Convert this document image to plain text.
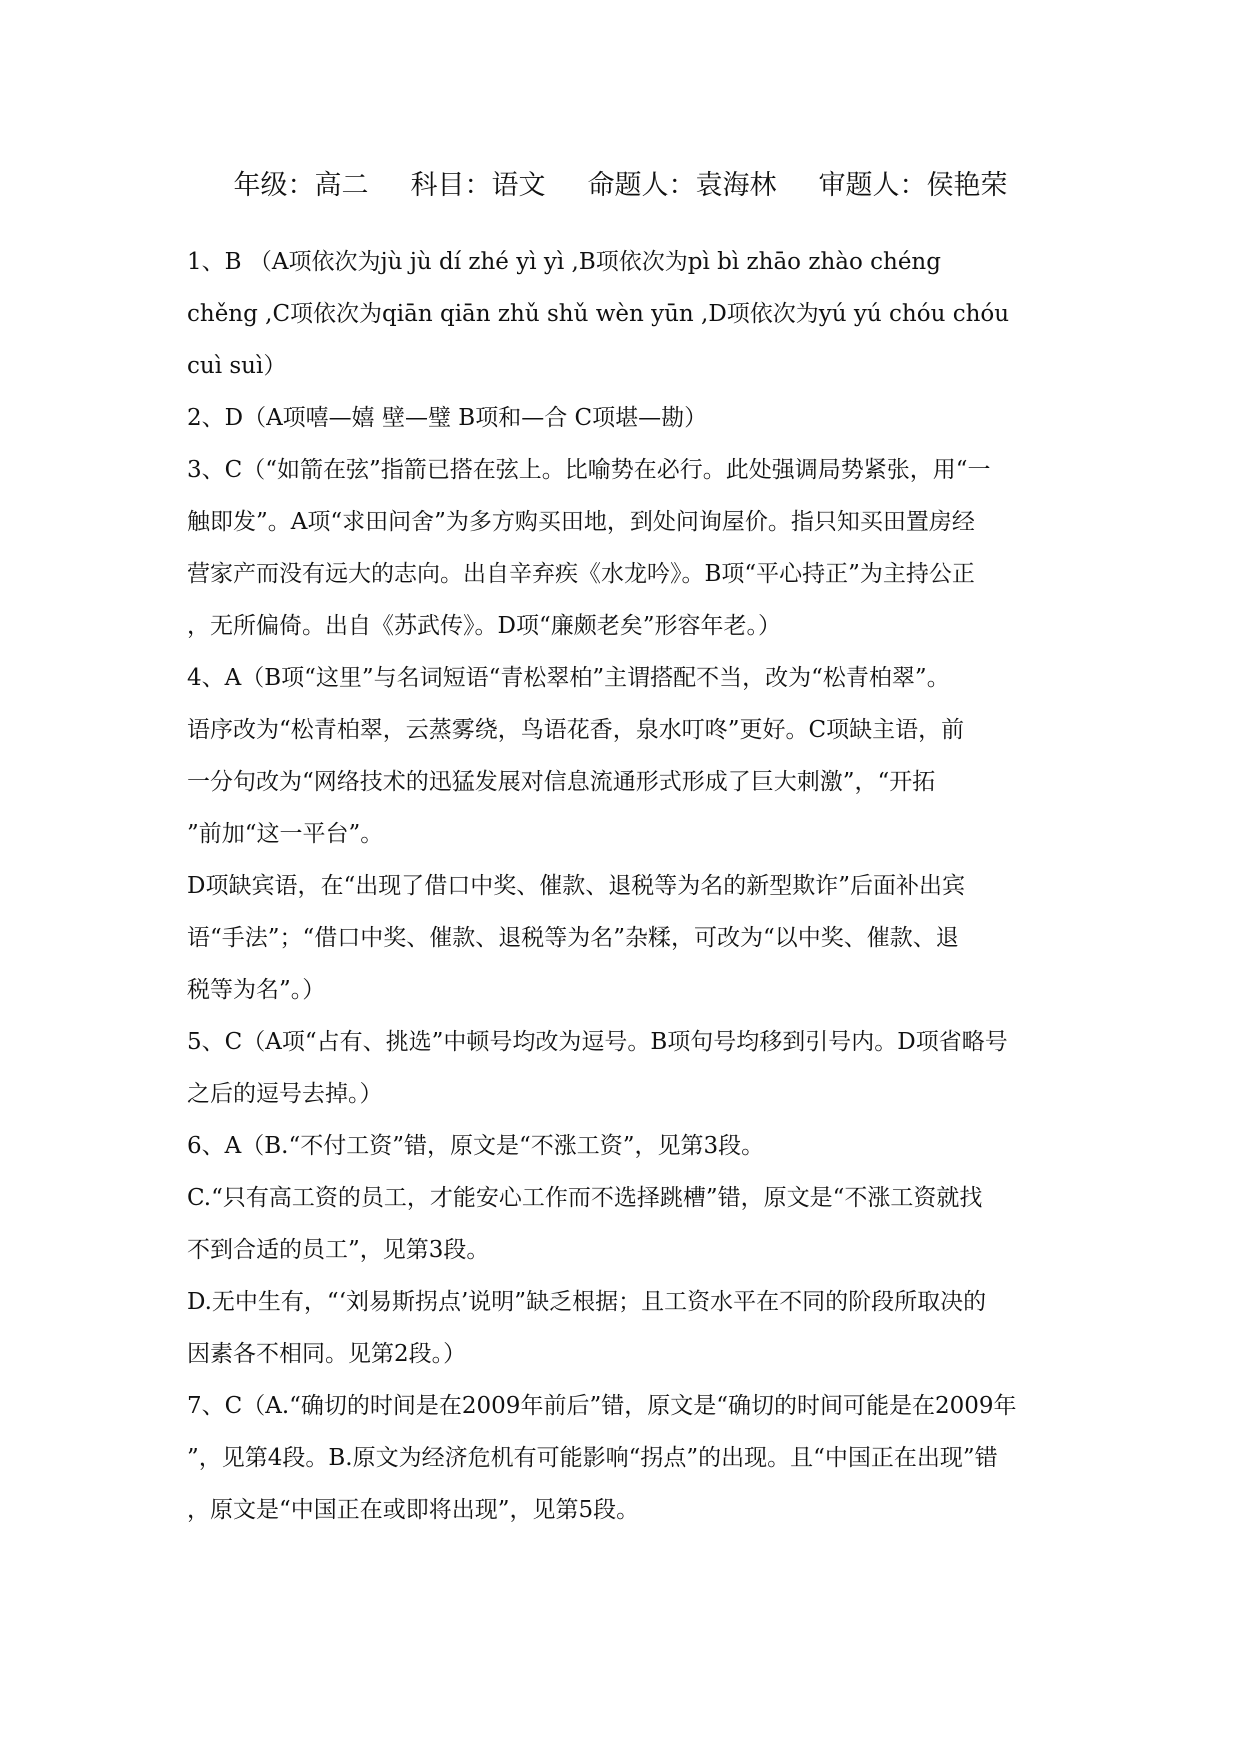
年级：高二 科目：语文 命题人：袁海林 审题人：侯艳荣
1、B （A项依次为jù jù dí zhé yì yì ,B项依次为pì bì zhāo zhào chéng
chěng ,C项依次为qiān qiān zhǔ shǔ wèn yūn ,D项依次为yú yú chóu chóu
cuì suì）
2、D（A项嘻—嬉 壁—璧 B项和—合 C项堪—勘）
3、C（“如箭在弦”指箭已搭在弦上。比喻势在必行。此处强调局势紧张，用“一
触即发”。A项“求田问舍”为多方购买田地，到处问询屋价。指只知买田置房经
营家产而没有远大的志向。出自辛弃疾《水龙吟》。B项“平心持正”为主持公正
，无所偏倚。出自《苏武传》。D项“廉颇老矣”形容年老。）
4、A（B项“这里”与名词短语“青松翠柏”主谓搭配不当，改为“松青柏翠”。
语序改为“松青柏翠，云蒸雾绕，鸟语花香，泉水叮咚”更好。C项缺主语，前
一分句改为“网络技术的迅猛发展对信息流通形式形成了巨大刺激”，“开拓
”前加“这一平台”。
D项缺宾语，在“出现了借口中奖、催款、退税等为名的新型欺诈”后面补出宾
语“手法”；“借口中奖、催款、退税等为名”杂糅，可改为“以中奖、催款、退
税等为名”。）
5、C（A项“占有、挑选”中顿号均改为逗号。B项句号均移到引号内。D项省略号
之后的逗号去掉。）
6、A（B.“不付工资”错，原文是“不涨工资”，见第3段。
C.“只有高工资的员工，才能安心工作而不选择跳槽”错，原文是“不涨工资就找
不到合适的员工”，见第3段。
D.无中生有，“‘刘易斯拐点’说明”缺乏根据；且工资水平在不同的阶段所取决的
因素各不相同。见第2段。）
7、C（A.“确切的时间是在2009年前后”错，原文是“确切的时间可能是在2009年
”，见第4段。B.原文为经济危机有可能影响“拐点”的出现。且“中国正在出现”错
，原文是“中国正在或即将出现”，见第5段。
